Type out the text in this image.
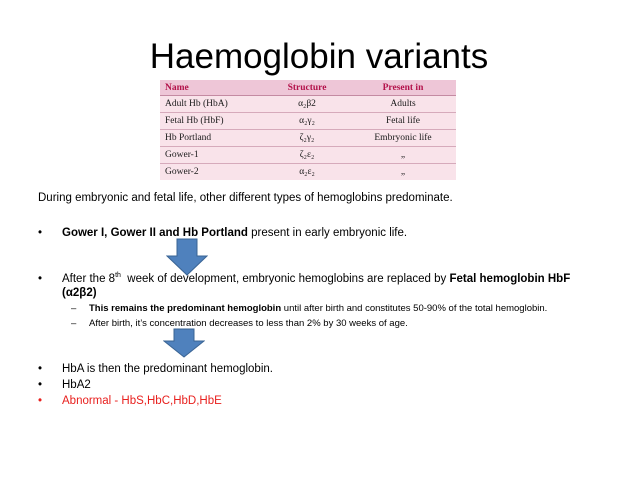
Haemoglobin variants
Name	Structure	Present in
Adult Hb (HbA)	α₂β2	Adults
Fetal Hb (HbF)	α₂γ₂	Fetal life
Hb Portland	ζ₂γ₂	Embryonic life
Gower-1	ζ₂ε₂	„
Gower-2	α₂ε₂	„
During embryonic and fetal life, other different types of hemoglobins predominate.
• Gower I, Gower II and Hb Portland present in early embryonic life.
• After the 8th  week of development, embryonic hemoglobins are replaced by Fetal hemoglobin HbF
(α2β2)
– This remains the predominant hemoglobin until after birth and constitutes 50-90% of the total hemoglobin.
– After birth, it’s concentration decreases to less than 2% by 30 weeks of age.
• HbA is then the predominant hemoglobin.
• HbA2
• Abnormal - HbS,HbC,HbD,HbE
